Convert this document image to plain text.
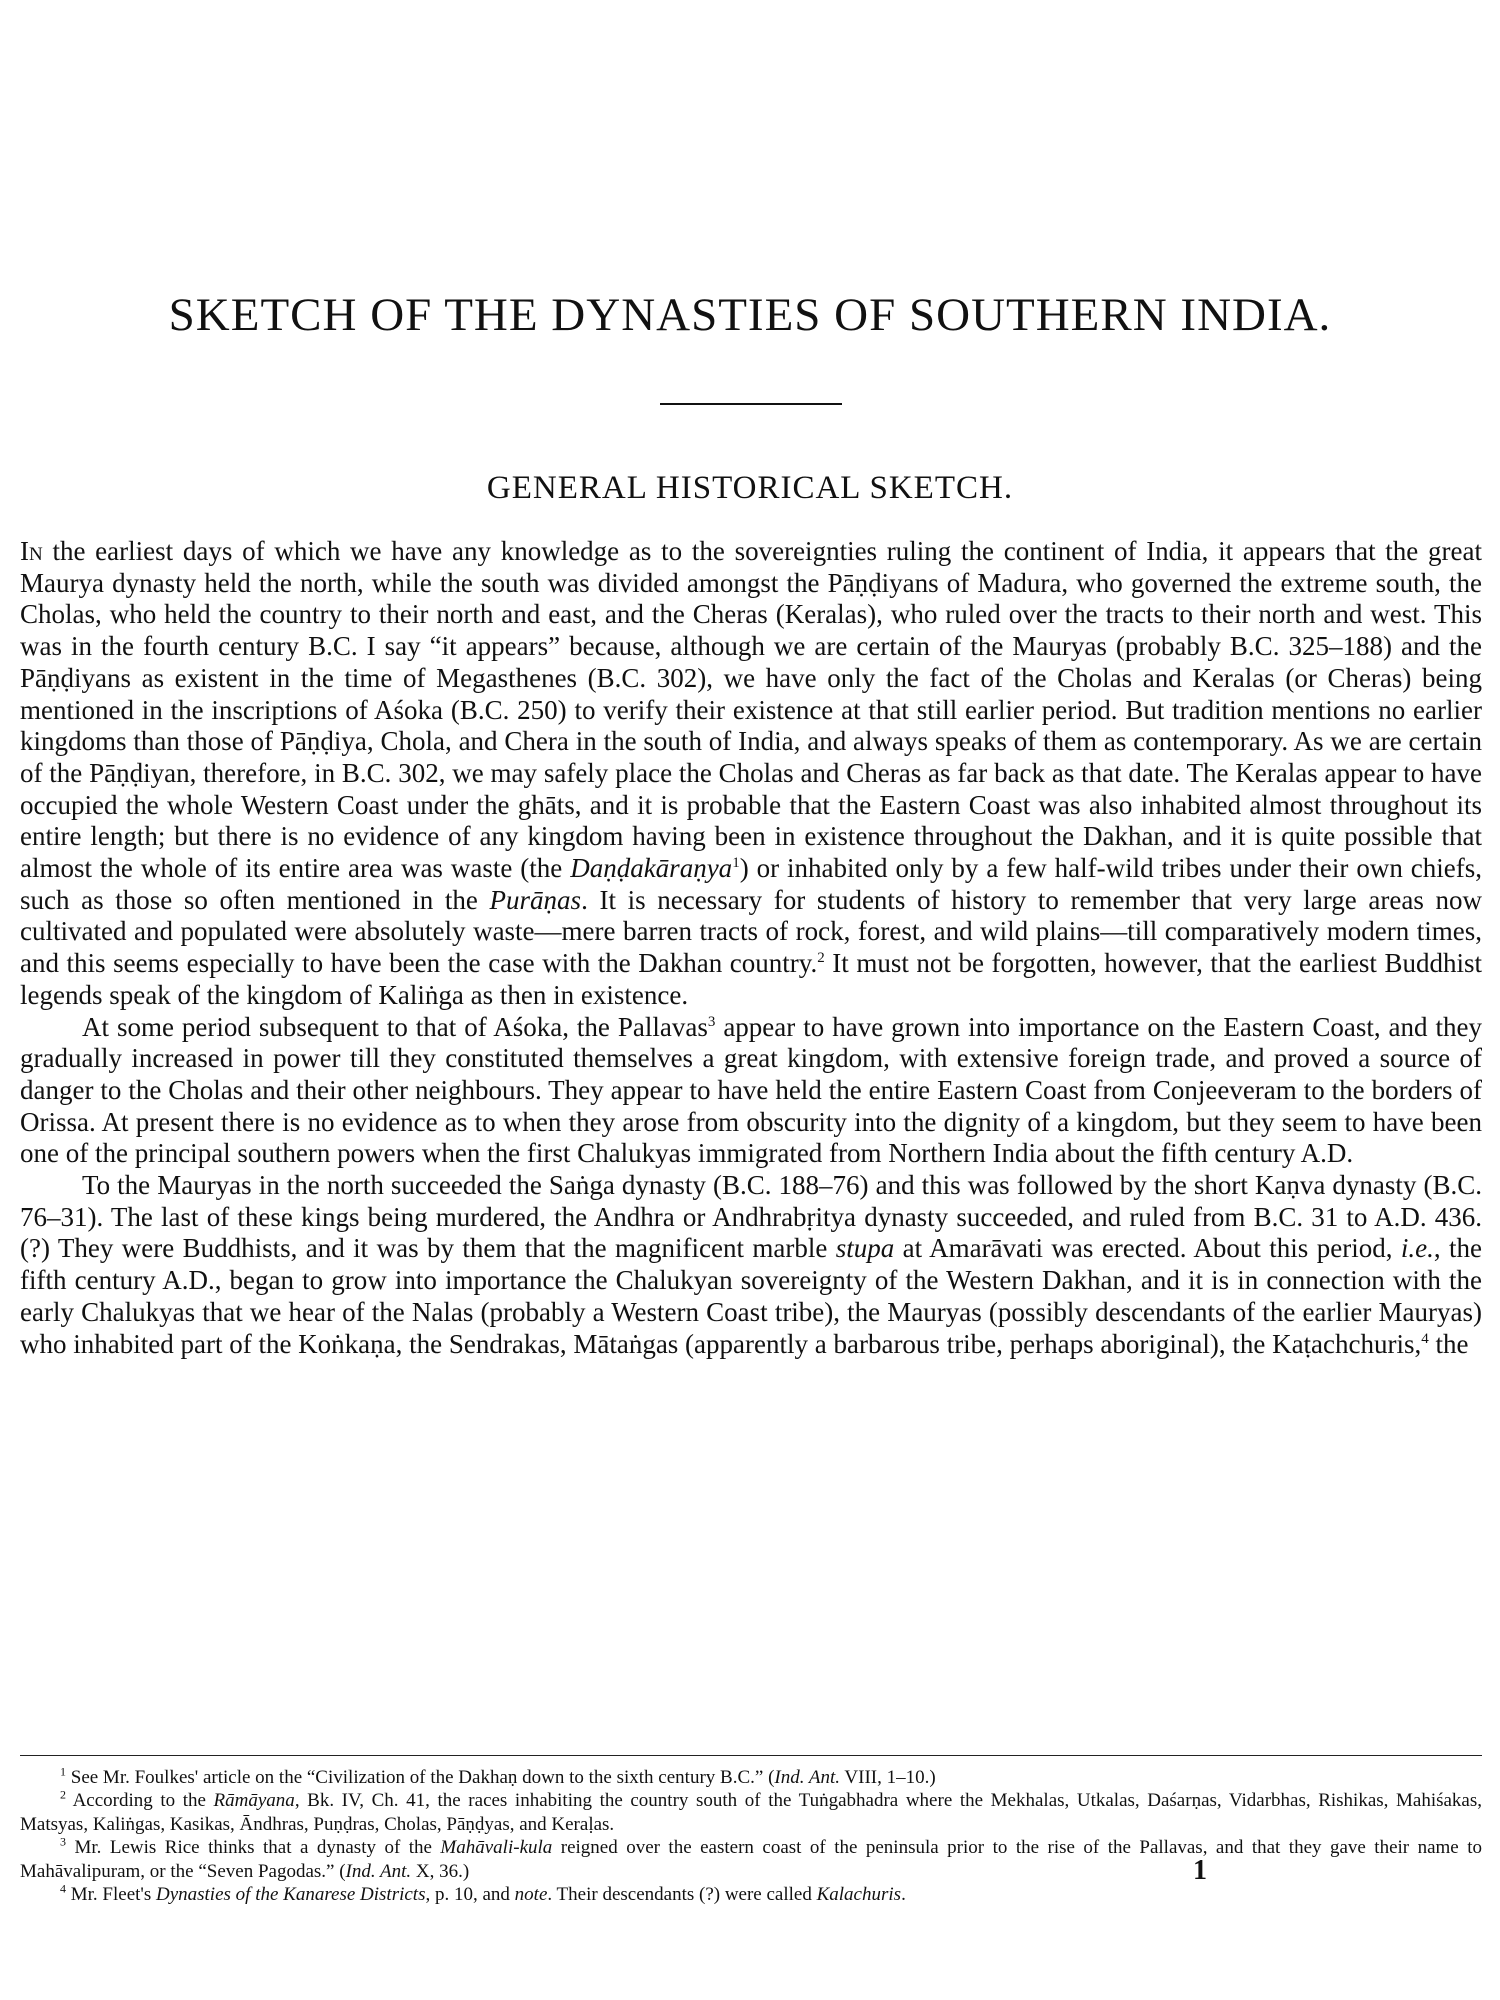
SKETCH OF THE DYNASTIES OF SOUTHERN INDIA.
GENERAL HISTORICAL SKETCH.

In the earliest days of which we have any knowledge as to the sovereignties ruling the continent of India, it appears that the great Maurya dynasty held the north, while the south was divided amongst the Pāṇḍiyans of Madura, who governed the extreme south, the Cholas, who held the country to their north and east, and the Cheras (Keralas), who ruled over the tracts to their north and west. This was in the fourth century B.C. I say “it appears” because, although we are certain of the Mauryas (probably B.C. 325–188) and the Pāṇḍiyans as existent in the time of Megasthenes (B.C. 302), we have only the fact of the Cholas and Keralas (or Cheras) being mentioned in the inscriptions of Aśoka (B.C. 250) to verify their existence at that still earlier period. But tradition mentions no earlier kingdoms than those of Pāṇḍiya, Chola, and Chera in the south of India, and always speaks of them as contemporary. As we are certain of the Pāṇḍiyan, therefore, in B.C. 302, we may safely place the Cholas and Cheras as far back as that date. The Keralas appear to have occupied the whole Western Coast under the ghāts, and it is probable that the Eastern Coast was also inhabited almost throughout its entire length; but there is no evidence of any kingdom having been in existence throughout the Dakhan, and it is quite possible that almost the whole of its entire area was waste (the Daṇḍakāraṇya$^1$) or inhabited only by a few half-wild tribes under their own chiefs, such as those so often mentioned in the Purāṇas. It is necessary for students of history to remember that very large areas now cultivated and populated were absolutely waste—mere barren tracts of rock, forest, and wild plains—till comparatively modern times, and this seems especially to have been the case with the Dakhan country.$^2$ It must not be forgotten, however, that the earliest Buddhist legends speak of the kingdom of Kaliṅga as then in existence.

At some period subsequent to that of Aśoka, the Pallavas$^3$ appear to have grown into importance on the Eastern Coast, and they gradually increased in power till they constituted themselves a great kingdom, with extensive foreign trade, and proved a source of danger to the Cholas and their other neighbours. They appear to have held the entire Eastern Coast from Conjeeveram to the borders of Orissa. At present there is no evidence as to when they arose from obscurity into the dignity of a kingdom, but they seem to have been one of the principal southern powers when the first Chalukyas immigrated from Northern India about the fifth century A.D.

To the Mauryas in the north succeeded the Saṅga dynasty (B.C. 188–76) and this was followed by the short Kaṇva dynasty (B.C. 76–31). The last of these kings being murdered, the Andhra or Andhrabṛitya dynasty succeeded, and ruled from B.C. 31 to A.D. 436. (?) They were Buddhists, and it was by them that the magnificent marble stupa at Amarāvati was erected. About this period, i.e., the fifth century A.D., began to grow into importance the Chalukyan sovereignty of the Western Dakhan, and it is in connection with the early Chalukyas that we hear of the Nalas (probably a Western Coast tribe), the Mauryas (possibly descendants of the earlier Mauryas) who inhabited part of the Koṅkaṇa, the Sendrakas, Mātaṅgas (apparently a barbarous tribe, perhaps aboriginal), the Kaṭachchuris,$^4$ the

$^1$ See Mr. Foulkes' article on the “Civilization of the Dakhaṇ down to the sixth century B.C.” (Ind. Ant. VIII, 1–10.)

$^2$ According to the Rāmāyana, Bk. IV, Ch. 41, the races inhabiting the country south of the Tuṅgabhadra where the Mekhalas, Utkalas, Daśarṇas, Vidarbhas, Rishikas, Mahiśakas, Matsyas, Kaliṅgas, Kasikas, Āndhras, Puṇḍras, Cholas, Pāṇḍyas, and Keraḷas.

$^3$ Mr. Lewis Rice thinks that a dynasty of the Mahāvali-kula reigned over the eastern coast of the peninsula prior to the rise of the Pallavas, and that they gave their name to Mahāvalipuram, or the “Seven Pagodas.” (Ind. Ant. X, 36.)

$^4$ Mr. Fleet's Dynasties of the Kanarese Districts, p. 10, and note. Their descendants (?) were called Kalachuris.

1
